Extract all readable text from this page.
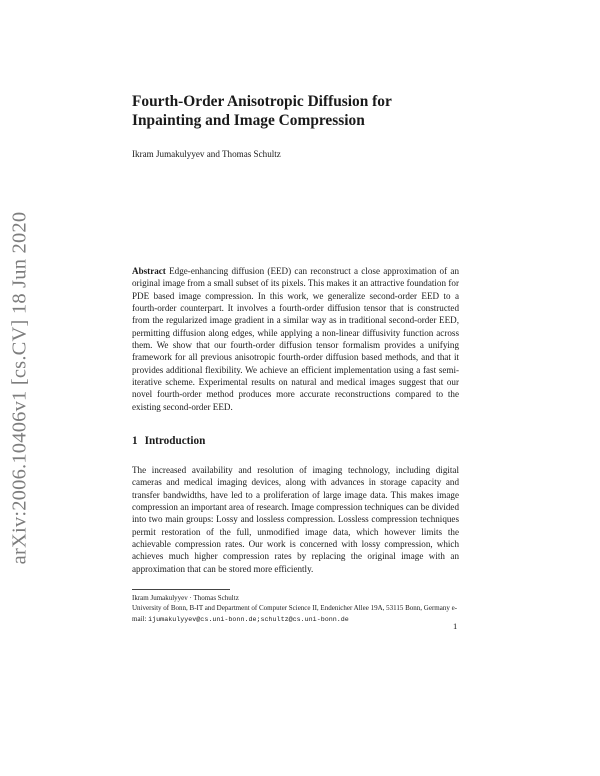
arXiv:2006.10406v1 [cs.CV] 18 Jun 2020
Fourth-Order Anisotropic Diffusion for
Inpainting and Image Compression
Ikram Jumakulyyev and Thomas Schultz
Abstract Edge-enhancing diffusion (EED) can reconstruct a close approximation of an original image from a small subset of its pixels. This makes it an attractive foundation for PDE based image compression. In this work, we generalize second-order EED to a fourth-order counterpart. It involves a fourth-order diffusion tensor that is constructed from the regularized image gradient in a similar way as in traditional second-order EED, permitting diffusion along edges, while applying a non-linear diffusivity function across them. We show that our fourth-order diffusion tensor formalism provides a unifying framework for all previous anisotropic fourth-order diffusion based methods, and that it provides additional flexibility. We achieve an efficient implementation using a fast semi-iterative scheme. Experimental results on natural and medical images suggest that our novel fourth-order method produces more accurate reconstructions compared to the existing second-order EED.
1 Introduction
The increased availability and resolution of imaging technology, including digital cameras and medical imaging devices, along with advances in storage capacity and transfer bandwidths, have led to a proliferation of large image data. This makes image compression an important area of research. Image compression techniques can be divided into two main groups: Lossy and lossless compression. Lossless compression techniques permit restoration of the full, unmodified image data, which however limits the achievable compression rates. Our work is concerned with lossy compression, which achieves much higher compression rates by replacing the original image with an approximation that can be stored more efficiently.
Ikram Jumakulyyev · Thomas Schultz
University of Bonn, B-IT and Department of Computer Science II, Endenicher Allee 19A, 53115 Bonn, Germany e-mail: ijumakulyyev@cs.uni-bonn.de;schultz@cs.uni-bonn.de
1
